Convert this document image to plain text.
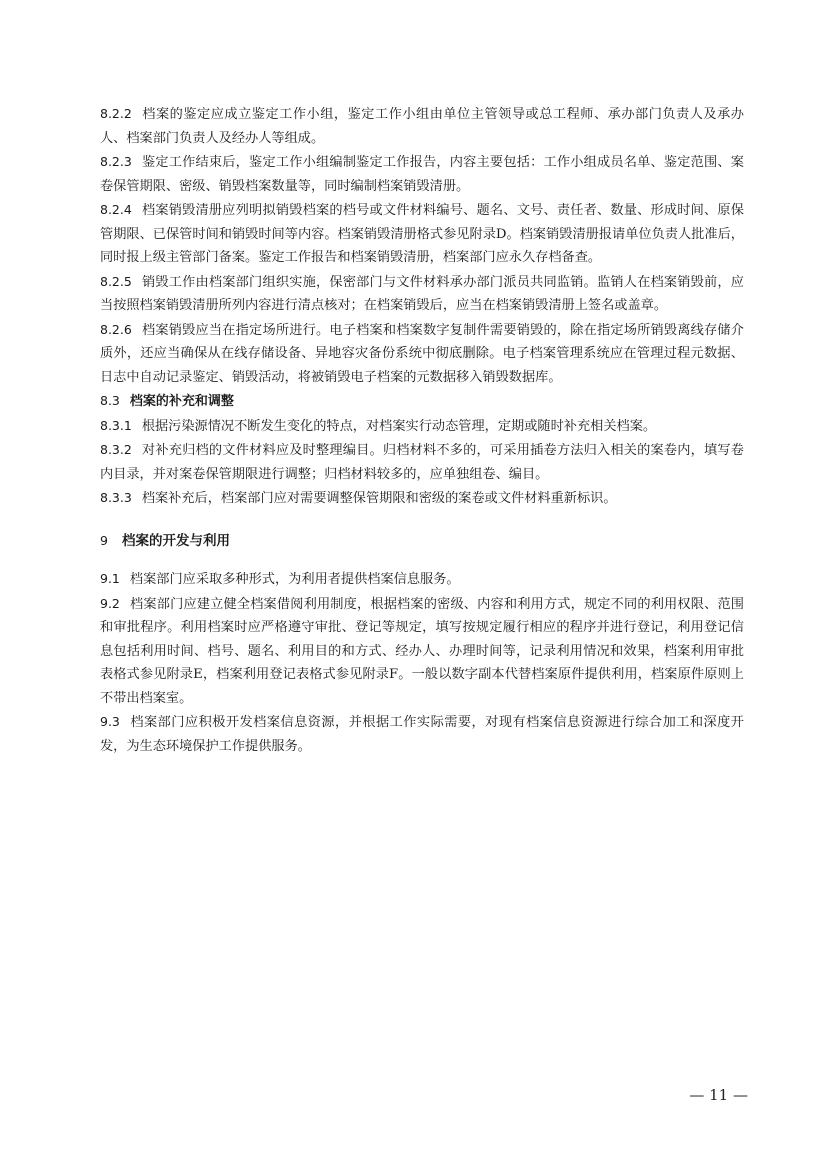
8.2.2 档案的鉴定应成立鉴定工作小组，鉴定工作小组由单位主管领导或总工程师、承办部门负责人及承办人、档案部门负责人及经办人等组成。

8.2.3 鉴定工作结束后，鉴定工作小组编制鉴定工作报告，内容主要包括：工作小组成员名单、鉴定范围、案卷保管期限、密级、销毁档案数量等，同时编制档案销毁清册。

8.2.4 档案销毁清册应列明拟销毁档案的档号或文件材料编号、题名、文号、责任者、数量、形成时间、原保管期限、已保管时间和销毁时间等内容。档案销毁清册格式参见附录D。档案销毁清册报请单位负责人批准后，同时报上级主管部门备案。鉴定工作报告和档案销毁清册，档案部门应永久存档备查。

8.2.5 销毁工作由档案部门组织实施，保密部门与文件材料承办部门派员共同监销。监销人在档案销毁前，应当按照档案销毁清册所列内容进行清点核对；在档案销毁后，应当在档案销毁清册上签名或盖章。

8.2.6 档案销毁应当在指定场所进行。电子档案和档案数字复制件需要销毁的，除在指定场所销毁离线存储介质外，还应当确保从在线存储设备、异地容灾备份系统中彻底删除。电子档案管理系统应在管理过程元数据、日志中自动记录鉴定、销毁活动，将被销毁电子档案的元数据移入销毁数据库。

8.3 档案的补充和调整

8.3.1 根据污染源情况不断发生变化的特点，对档案实行动态管理，定期或随时补充相关档案。

8.3.2 对补充归档的文件材料应及时整理编目。归档材料不多的，可采用插卷方法归入相关的案卷内，填写卷内目录，并对案卷保管期限进行调整；归档材料较多的，应单独组卷、编目。

8.3.3 档案补充后，档案部门应对需要调整保管期限和密级的案卷或文件材料重新标识。

9 档案的开发与利用

9.1 档案部门应采取多种形式，为利用者提供档案信息服务。

9.2 档案部门应建立健全档案借阅利用制度，根据档案的密级、内容和利用方式，规定不同的利用权限、范围和审批程序。利用档案时应严格遵守审批、登记等规定，填写按规定履行相应的程序并进行登记，利用登记信息包括利用时间、档号、题名、利用目的和方式、经办人、办理时间等，记录利用情况和效果，档案利用审批表格式参见附录E，档案利用登记表格式参见附录F。一般以数字副本代替档案原件提供利用，档案原件原则上不带出档案室。

9.3 档案部门应积极开发档案信息资源，并根据工作实际需要，对现有档案信息资源进行综合加工和深度开发，为生态环境保护工作提供服务。

— 11 —
